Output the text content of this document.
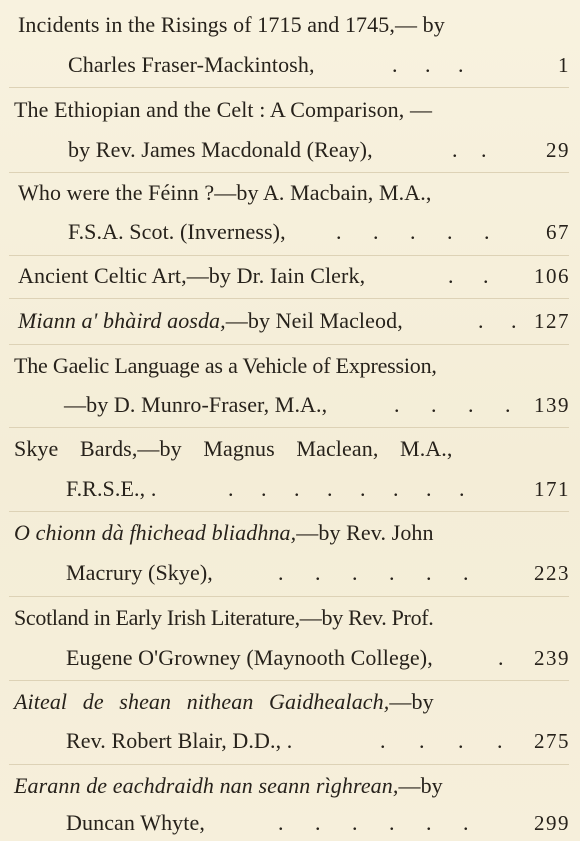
Incidents in the Risings of 1715 and 1745,— by
Charles Fraser-Mackintosh,	. . .	1
The Ethiopian and the Celt : A Comparison, —
by Rev. James Macdonald (Reay),	. .	29
Who were the Féinn ?—by A. Macbain, M.A.,
F.S.A. Scot. (Inverness), . . . . .	67
Ancient Celtic Art,—by Dr. Iain Clerk,	. .	106
Miann a' bhàird aosda,—by Neil Macleod,	. . 127
The Gaelic Language as a Vehicle of Expression,
—by D. Munro-Fraser, M.A.,	. . . .	139
Skye Bards,—by Magnus Maclean, M.A.,
F.R.S.E., .	. . . . . . . .	171
O chionn dà fhichead bliadhna,—by Rev. John
Macrury (Skye),	. . . . . .	223
Scotland in Early Irish Literature,—by Rev. Prof.
Eugene O'Growney (Maynooth College),	.	239
Aiteal de shean nithean Gaidhealach,—by
Rev. Robert Blair, D.D., .	. . . .	275
Earann de eachdraidh nan seann rìghrean,—by
Duncan Whyte,	. . . . . .	299
